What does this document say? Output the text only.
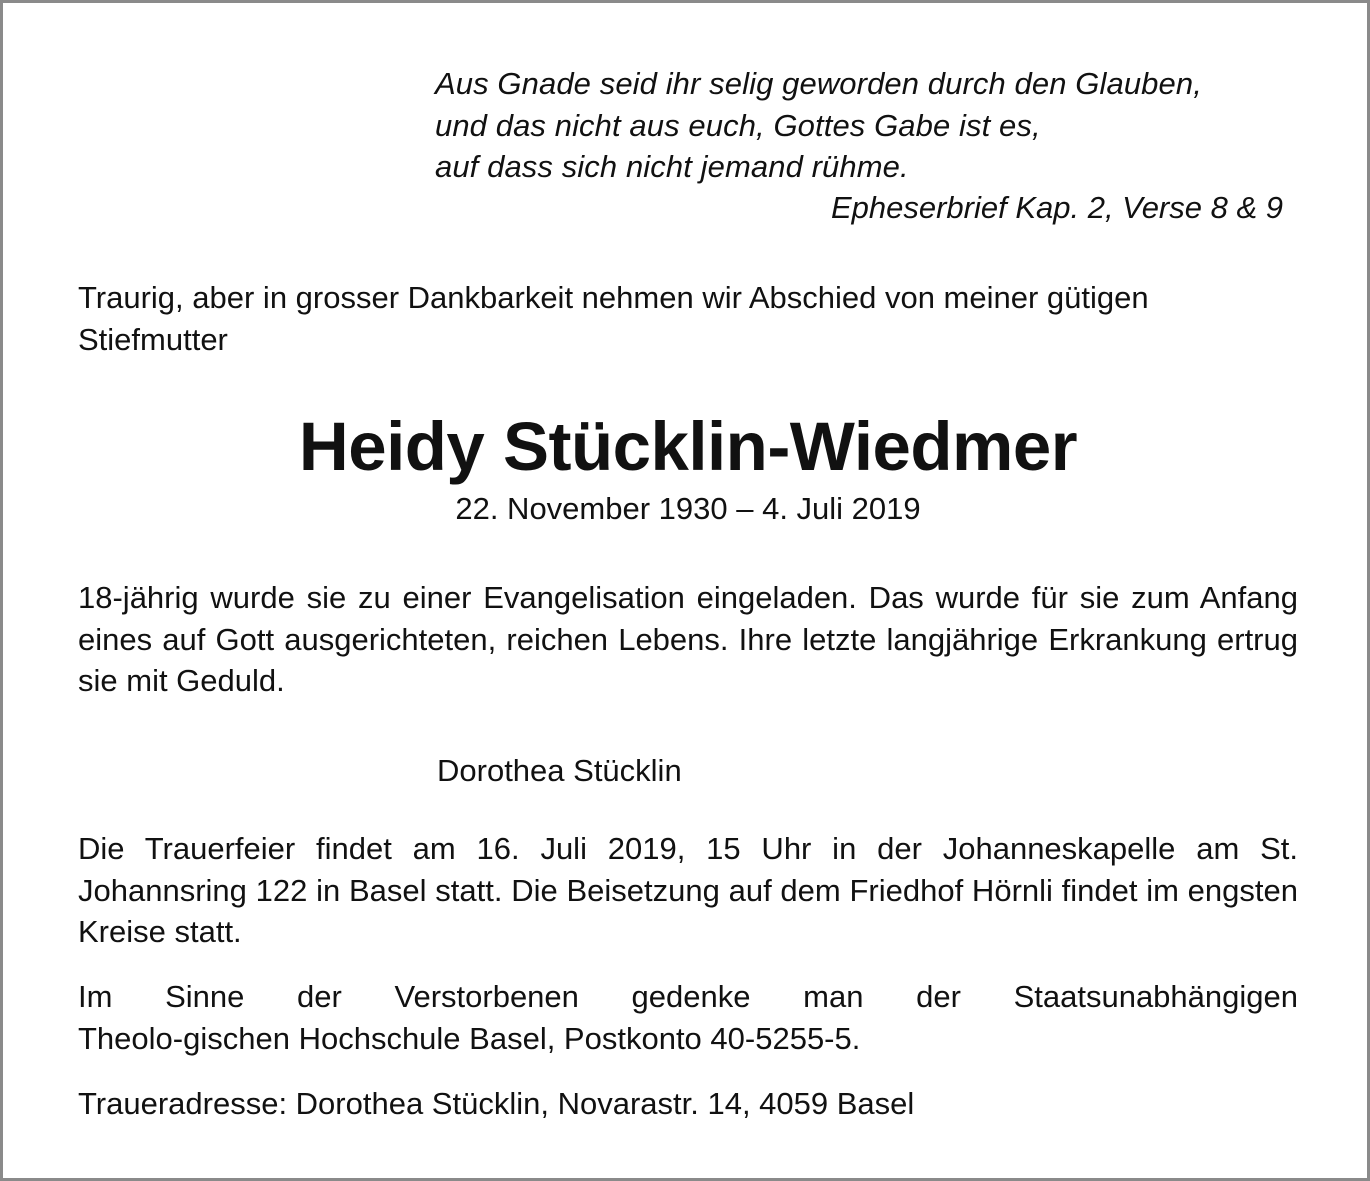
Aus Gnade seid ihr selig geworden durch den Glauben,
und das nicht aus euch, Gottes Gabe ist es,
auf dass sich nicht jemand rühme.
Epheserbrief Kap. 2, Verse 8 & 9
Traurig, aber in grosser Dankbarkeit nehmen wir Abschied von meiner gütigen Stiefmutter
Heidy Stücklin-Wiedmer
22. November 1930 – 4. Juli 2019
18-jährig wurde sie zu einer Evangelisation eingeladen. Das wurde für sie zum Anfang eines auf Gott ausgerichteten, reichen Lebens. Ihre letzte langjährige Erkrankung ertrug sie mit Geduld.
Dorothea Stücklin
Die Trauerfeier findet am 16. Juli 2019, 15 Uhr in der Johanneskapelle am St. Johannsring 122 in Basel statt. Die Beisetzung auf dem Friedhof Hörnli findet im engsten Kreise statt.
Im Sinne der Verstorbenen gedenke man der Staatsunabhängigen
Theolo-gischen Hochschule Basel, Postkonto 40-5255-5.
Traueradresse: Dorothea Stücklin, Novarastr. 14, 4059 Basel
